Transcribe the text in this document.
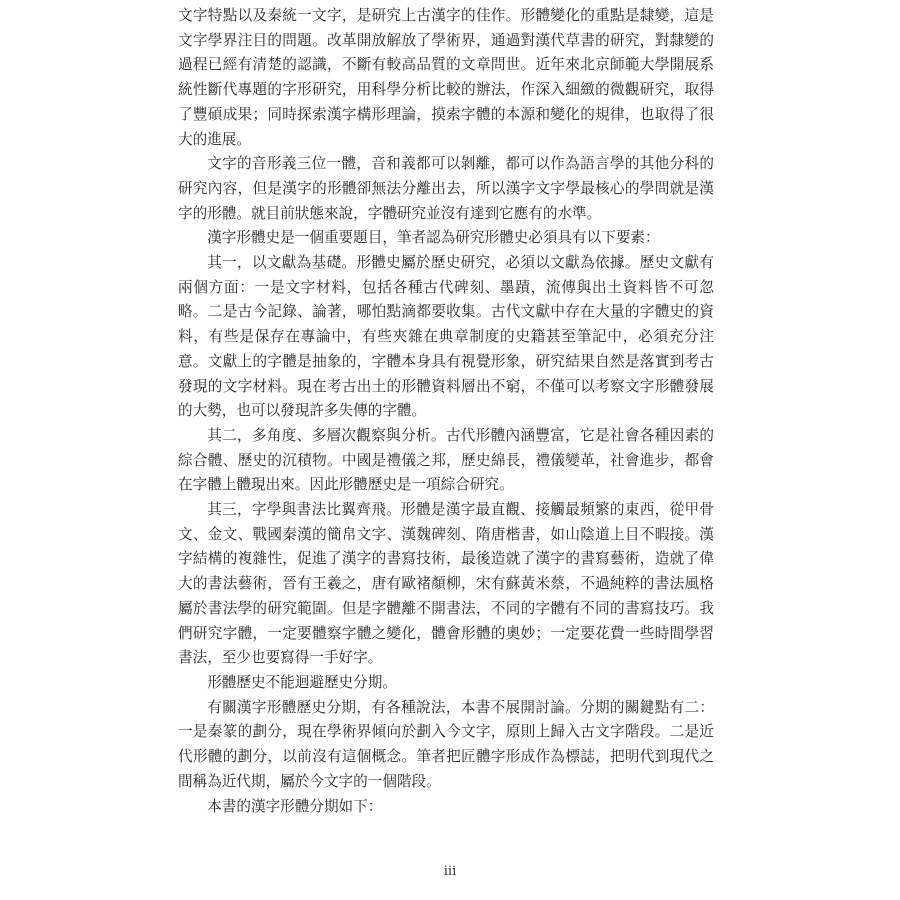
文字特點以及秦統一文字，是研究上古漢字的佳作。形體變化的重點是隸變，這是文字學界注目的問題。改革開放解放了學術界，通過對漢代草書的研究，對隸變的過程已經有清楚的認識，不斷有較高品質的文章問世。近年來北京師範大學開展系統性斷代專題的字形研究，用科學分析比較的辦法，作深入細緻的微觀研究，取得了豐碩成果；同時探索漢字構形理論，摸索字體的本源和變化的規律，也取得了很大的進展。

文字的音形義三位一體，音和義都可以剝離，都可以作為語言學的其他分科的研究內容，但是漢字的形體卻無法分離出去，所以漢字文字學最核心的學問就是漢字的形體。就目前狀態來說，字體研究並沒有達到它應有的水準。

漢字形體史是一個重要題目，筆者認為研究形體史必須具有以下要素：

其一，以文獻為基礎。形體史屬於歷史研究，必須以文獻為依據。歷史文獻有兩個方面：一是文字材料，包括各種古代碑刻、墨蹟，流傳與出土資料皆不可忽略。二是古今記錄、論著，哪怕點滴都要收集。古代文獻中存在大量的字體史的資料，有些是保存在專論中，有些夾雜在典章制度的史籍甚至筆記中，必須充分注意。文獻上的字體是抽象的，字體本身具有視覺形象，研究結果自然是落實到考古發現的文字材料。現在考古出土的形體資料層出不窮，不僅可以考察文字形體發展的大勢，也可以發現許多失傳的字體。

其二，多角度、多層次觀察與分析。古代形體內涵豐富，它是社會各種因素的綜合體、歷史的沉積物。中國是禮儀之邦，歷史綿長，禮儀變革，社會進步，都會在字體上體現出來。因此形體歷史是一項綜合研究。

其三，字學與書法比翼齊飛。形體是漢字最直觀、接觸最頻繁的東西，從甲骨文、金文、戰國秦漢的簡帛文字、漢魏碑刻、隋唐楷書，如山陰道上目不暇接。漢字結構的複雜性，促進了漢字的書寫技術，最後造就了漢字的書寫藝術，造就了偉大的書法藝術，晉有王羲之，唐有歐褚顏柳，宋有蘇黃米蔡，不過純粹的書法風格屬於書法學的研究範圍。但是字體離不開書法，不同的字體有不同的書寫技巧。我們研究字體，一定要體察字體之變化，體會形體的奧妙；一定要花費一些時間學習書法，至少也要寫得一手好字。

形體歷史不能迴避歷史分期。

有關漢字形體歷史分期，有各種說法，本書不展開討論。分期的關鍵點有二：一是秦篆的劃分，現在學術界傾向於劃入今文字，原則上歸入古文字階段。二是近代形體的劃分，以前沒有這個概念。筆者把匠體字形成作為標誌，把明代到現代之間稱為近代期，屬於今文字的一個階段。

本書的漢字形體分期如下：

iii
